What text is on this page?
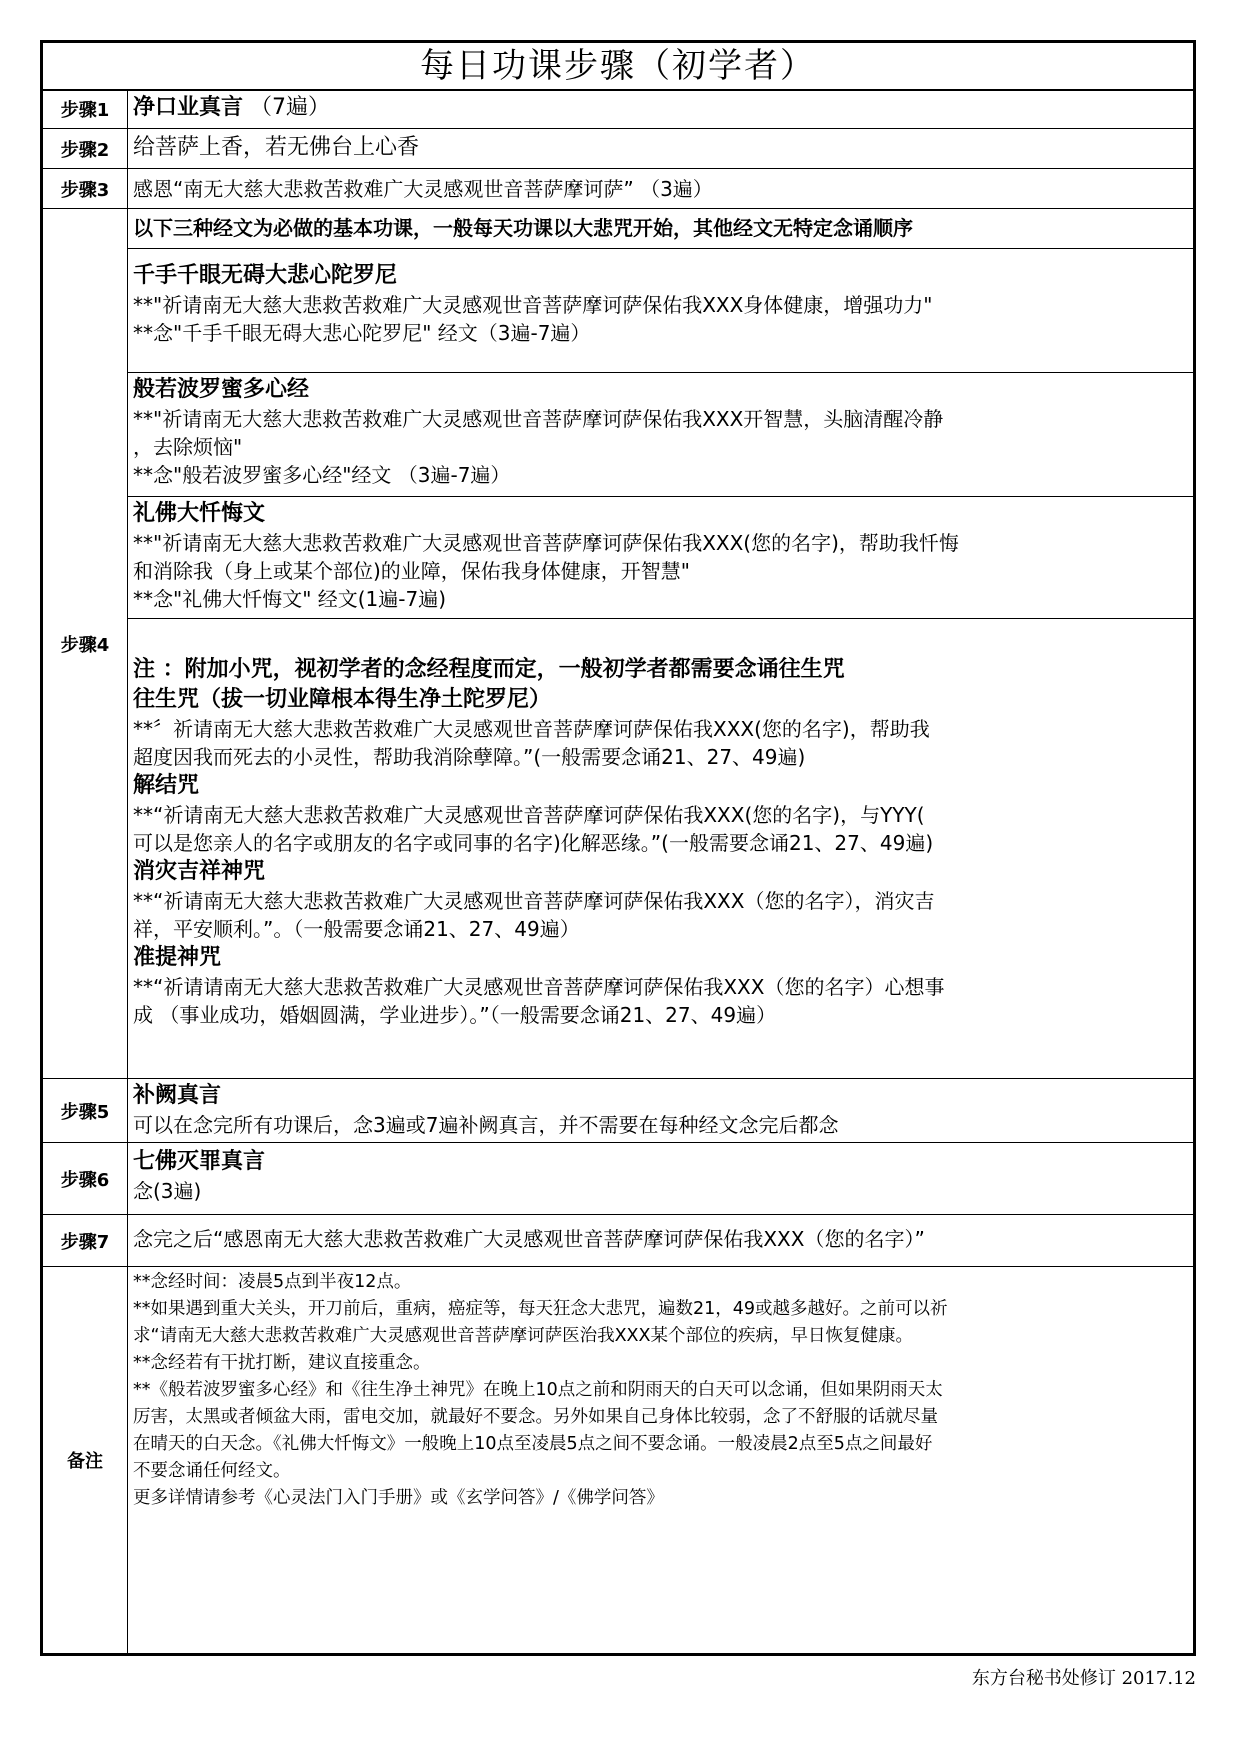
每日功课步骤（初学者）
步骤1	净口业真言 （7遍）
步骤2	给菩萨上香，若无佛台上心香
步骤3	感恩“南无大慈大悲救苦救难广大灵感观世音菩萨摩诃萨” （3遍）
步骤4
以下三种经文为必做的基本功课，一般每天功课以大悲咒开始，其他经文无特定念诵顺序
千手千眼无碍大悲心陀罗尼
**"祈请南无大慈大悲救苦救难广大灵感观世音菩萨摩诃萨保佑我XXX身体健康，增强功力"
**念"千手千眼无碍大悲心陀罗尼" 经文（3遍-7遍）
般若波罗蜜多心经
**"祈请南无大慈大悲救苦救难广大灵感观世音菩萨摩诃萨保佑我XXX开智慧，头脑清醒冷静
，去除烦恼"
**念"般若波罗蜜多心经"经文 （3遍-7遍）
礼佛大忏悔文
**"祈请南无大慈大悲救苦救难广大灵感观世音菩萨摩诃萨保佑我XXX(您的名字)，帮助我忏悔
和消除我（身上或某个部位)的业障，保佑我身体健康，开智慧"
**念"礼佛大忏悔文" 经文(1遍-7遍)
注 ：附加小咒，视初学者的念经程度而定，一般初学者都需要念诵往生咒
往生咒（拔一切业障根本得生净土陀罗尼）
**〞祈请南无大慈大悲救苦救难广大灵感观世音菩萨摩诃萨保佑我XXX(您的名字)，帮助我
超度因我而死去的小灵性，帮助我消除孽障。”(一般需要念诵21、27、49遍)
解结咒
**“祈请南无大慈大悲救苦救难广大灵感观世音菩萨摩诃萨保佑我XXX(您的名字)，与YYY(
可以是您亲人的名字或朋友的名字或同事的名字)化解恶缘。”(一般需要念诵21、27、49遍)
消灾吉祥神咒
**“祈请南无大慈大悲救苦救难广大灵感观世音菩萨摩诃萨保佑我XXX（您的名字），消灾吉
祥，平安顺利。”。（一般需要念诵21、27、49遍）
准提神咒
**“祈请请南无大慈大悲救苦救难广大灵感观世音菩萨摩诃萨保佑我XXX（您的名字）心想事
成 （事业成功，婚姻圆满，学业进步）。”（一般需要念诵21、27、49遍）
步骤5
补阙真言
可以在念完所有功课后，念3遍或7遍补阙真言，并不需要在每种经文念完后都念
步骤6
七佛灭罪真言
念(3遍)
步骤7	念完之后“感恩南无大慈大悲救苦救难广大灵感观世音菩萨摩诃萨保佑我XXX（您的名字）”
备注
**念经时间：凌晨5点到半夜12点。
**如果遇到重大关头，开刀前后，重病，癌症等，每天狂念大悲咒，遍数21，49或越多越好。之前可以祈
求“请南无大慈大悲救苦救难广大灵感观世音菩萨摩诃萨医治我XXX某个部位的疾病，早日恢复健康。
**念经若有干扰打断，建议直接重念。
**《般若波罗蜜多心经》和《往生净土神咒》在晚上10点之前和阴雨天的白天可以念诵，但如果阴雨天太
厉害，太黑或者倾盆大雨，雷电交加，就最好不要念。另外如果自己身体比较弱，念了不舒服的话就尽量
在晴天的白天念。《礼佛大忏悔文》一般晚上10点至凌晨5点之间不要念诵。一般凌晨2点至5点之间最好
不要念诵任何经文。
更多详情请参考《心灵法门入门手册》或《玄学问答》/《佛学问答》
东方台秘书处修订 2017.12
